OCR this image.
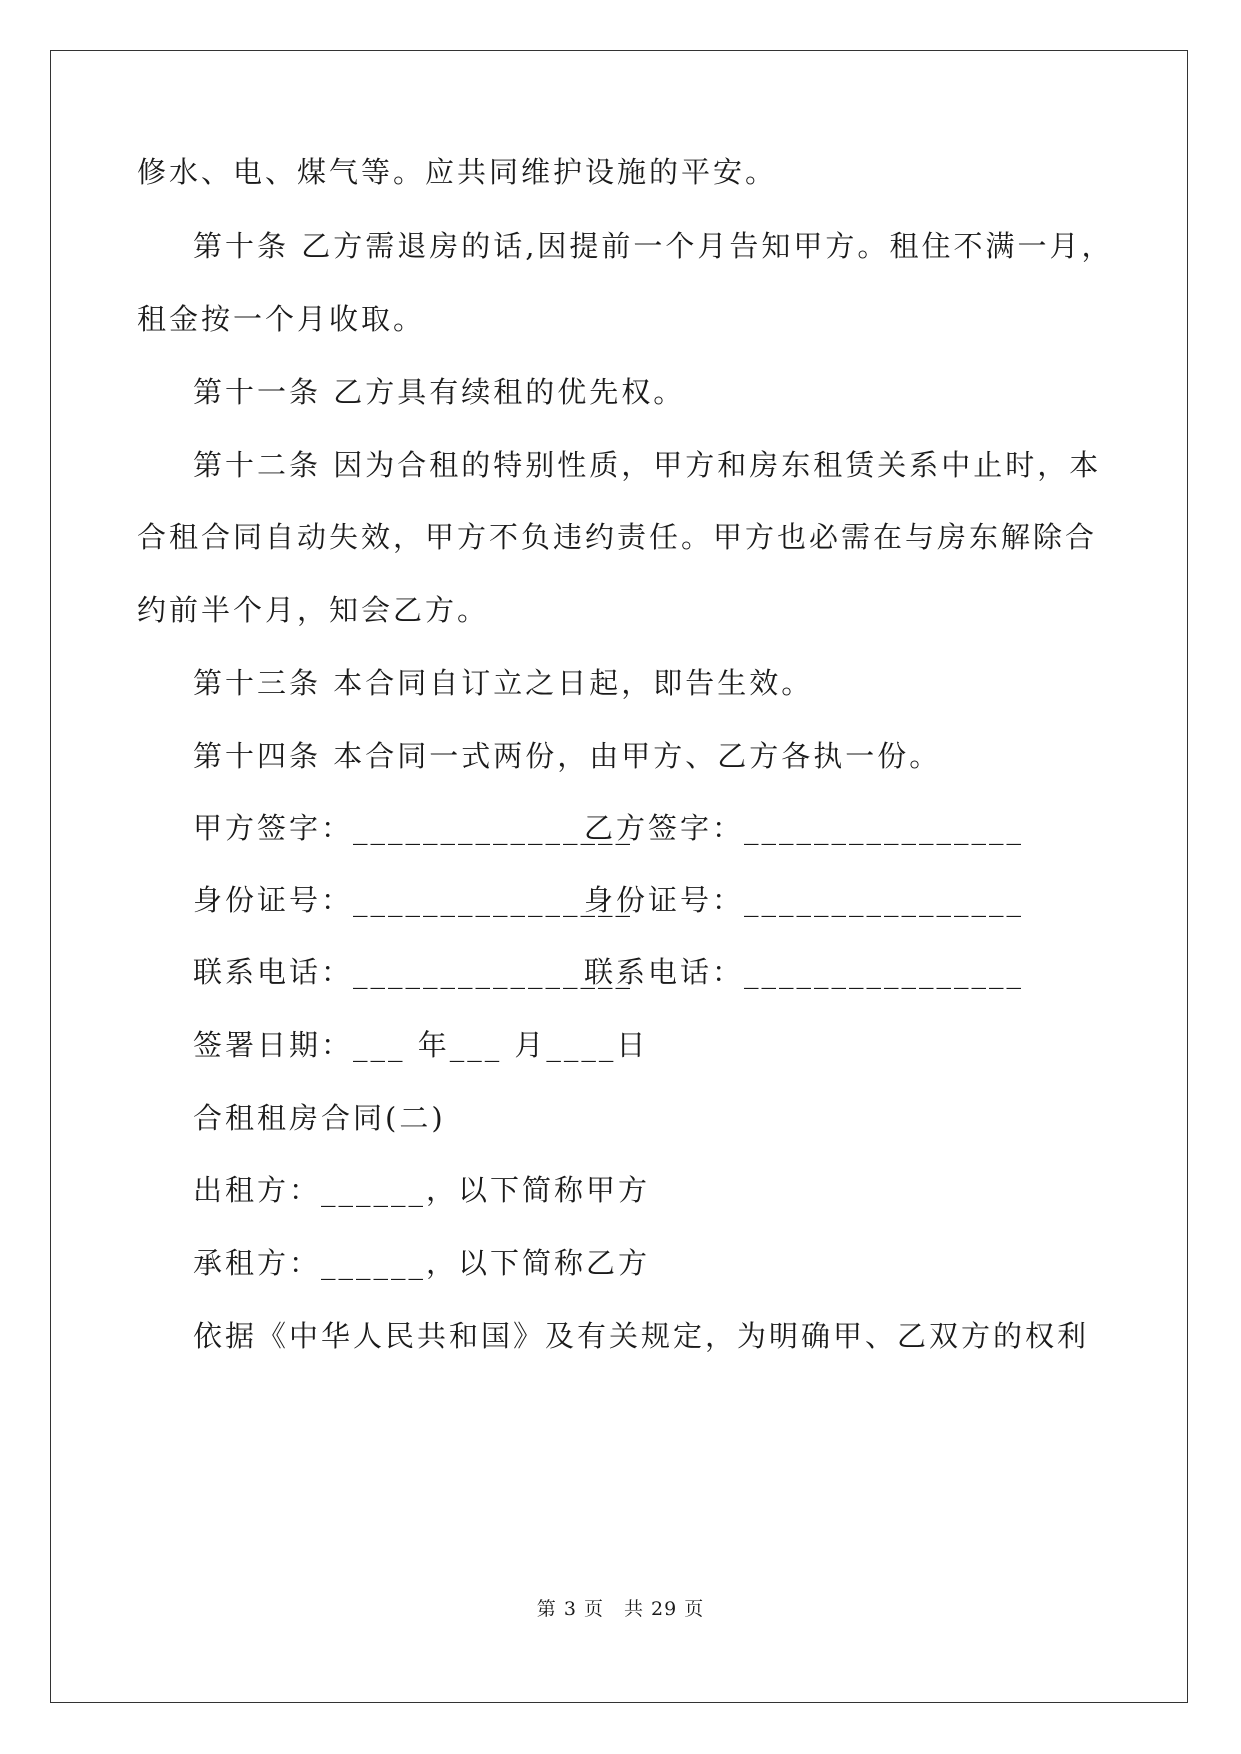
修水、电、煤气等。应共同维护设施的平安。
第十条 乙方需退房的话,因提前一个月告知甲方。租住不满一月，
租金按一个月收取。
第十一条 乙方具有续租的优先权。
第十二条 因为合租的特别性质，甲方和房东租赁关系中止时，本
合租合同自动失效，甲方不负违约责任。甲方也必需在与房东解除合
约前半个月，知会乙方。
第十三条 本合同自订立之日起，即告生效。
第十四条 本合同一式两份，由甲方、乙方各执一份。
甲方签字：________________
乙方签字：________________
身份证号：________________
身份证号：________________
联系电话：________________
联系电话：________________
签署日期：___ 年___ 月____日
合租租房合同(二)
出租方：______，以下简称甲方
承租方：______，以下简称乙方
依据《中华人民共和国》及有关规定，为明确甲、乙双方的权利
第 3 页　共 29 页
